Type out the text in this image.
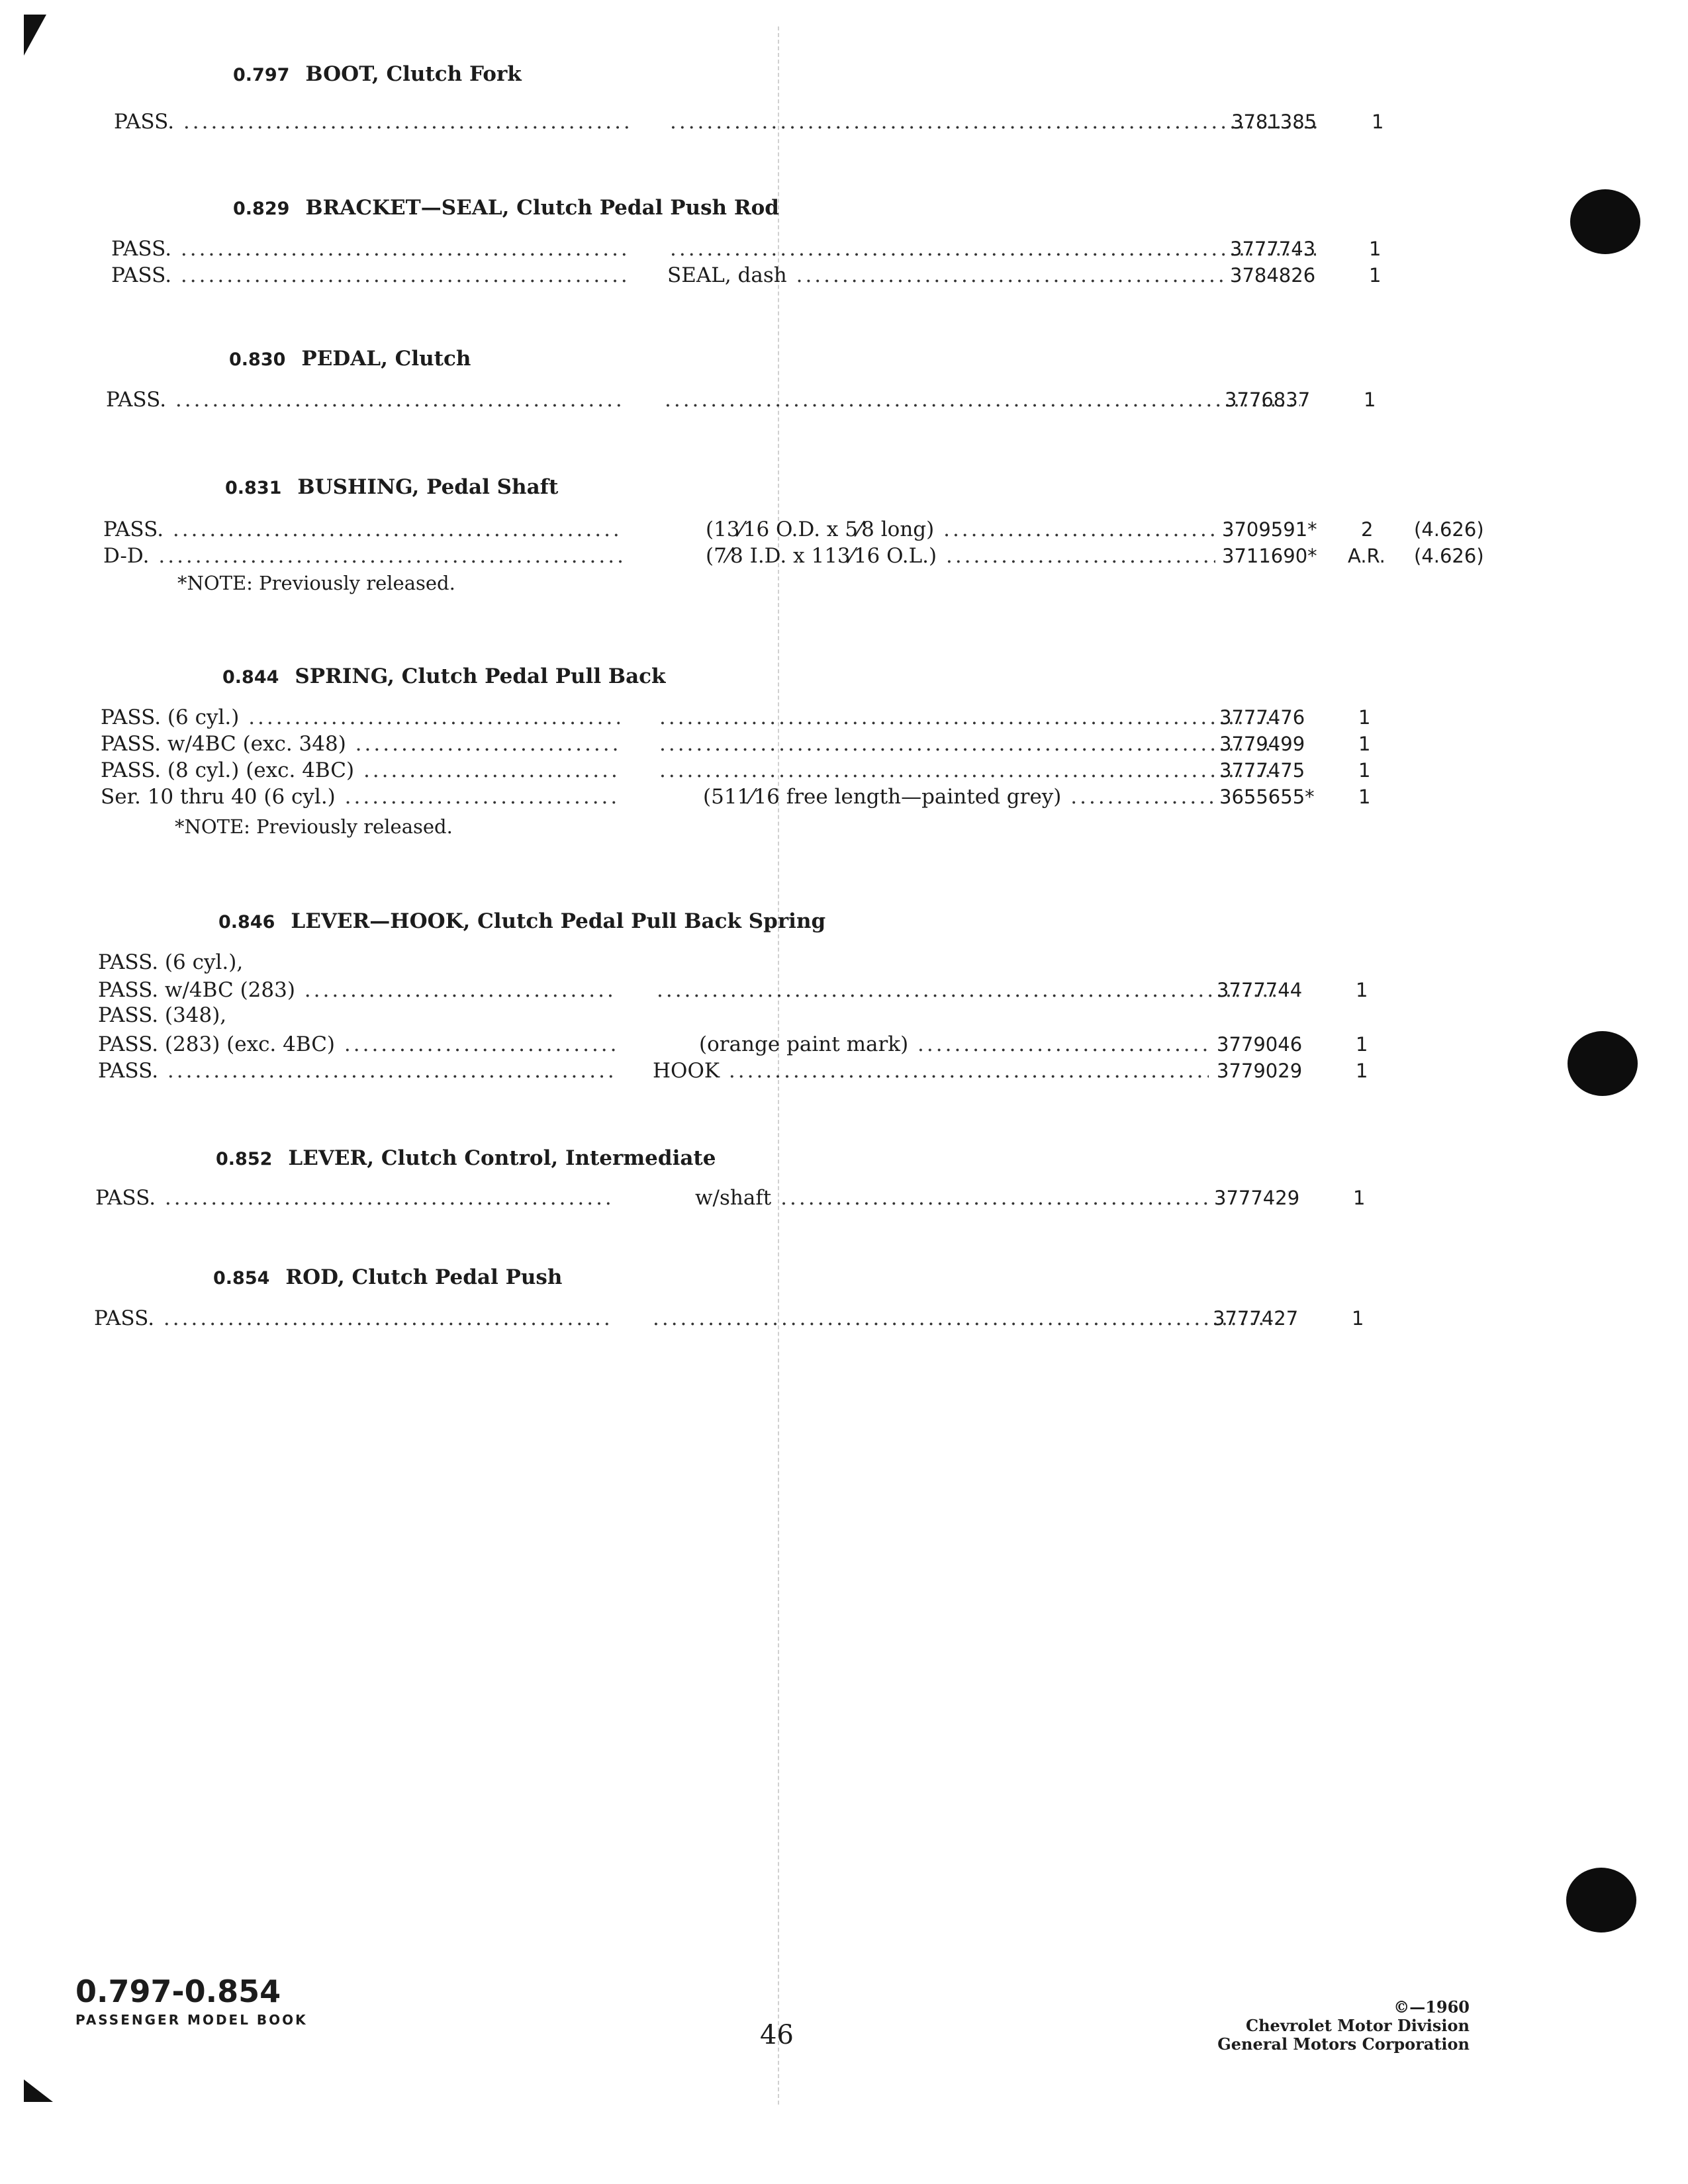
0.797 BOOT, Clutch Fork
0.829 BRACKET—SEAL, Clutch Pedal Push Rod
0.830 PEDAL, Clutch
0.831 BUSHING, Pedal Shaft
0.844 SPRING, Clutch Pedal Pull Back
0.846 LEVER—HOOK, Clutch Pedal Pull Back Spring
0.852 LEVER, Clutch Control, Intermediate
0.854 ROD, Clutch Pedal Push
PASS. ..... .....	3781385	1
PASS. ..... .....	3777743	1
PASS. .....	SEAL, dash .....	3784826	1
PASS. ..... .....	3776837	1
PASS. .....	(13⁄16 O.D. x 5⁄8 long) .....	3709591* 2 (4.626)
D-D. .....	(7⁄8 I.D. x 113⁄16 O.L.) .....	3711690* A.R. (4.626)
*NOTE: Previously released.
PASS. (6 cyl.) ..... .....	3777476	1
PASS. w/4BC (exc. 348) ..... .....	3779499	1
PASS. (8 cyl.) (exc. 4BC) ..... .....	3777475	1
Ser. 10 thru 40 (6 cyl.) .....	(511⁄16 free length—painted grey) .....	3655655* 1
*NOTE: Previously released.
PASS. (6 cyl.),
PASS. w/4BC (283) ..... .....	3777744	1
PASS. (348),
PASS. (283) (exc. 4BC) .....	(orange paint mark) .....	3779046	1
PASS. .....	HOOK .....	3779029	1
PASS. .....	w/shaft .....	3777429	1
PASS. ..... .....	3777427	1
0.797-0.854
PASSENGER MODEL BOOK	46
©—1960
Chevrolet Motor Division
General Motors Corporation
